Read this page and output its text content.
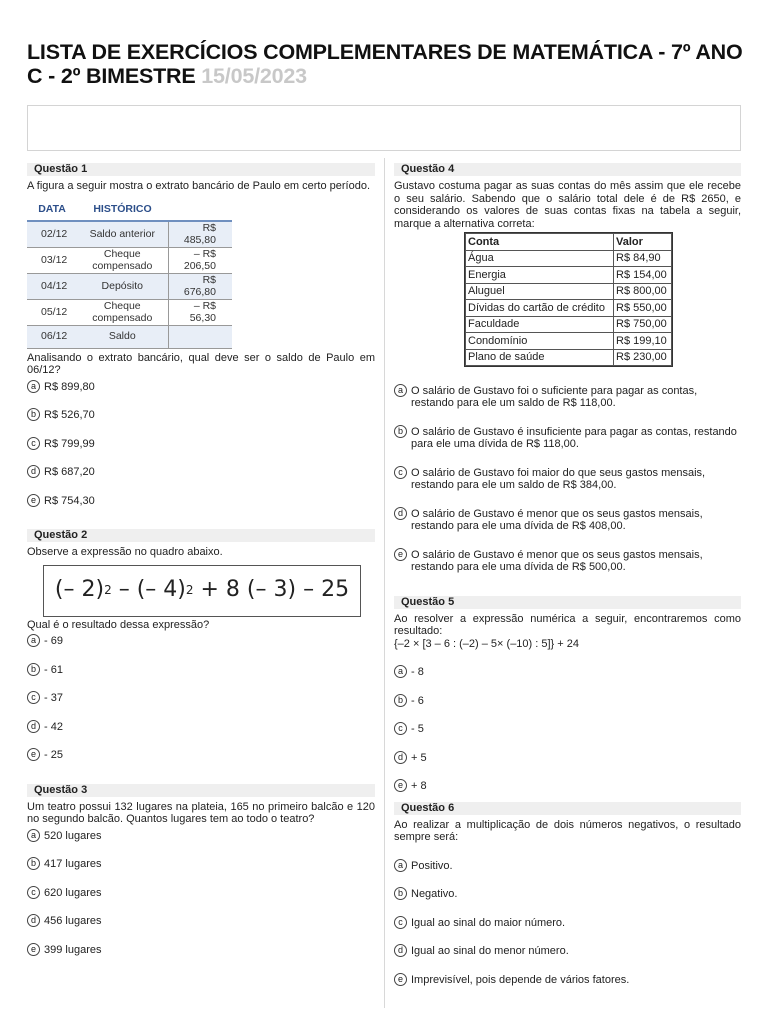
LISTA DE EXERCÍCIOS COMPLEMENTARES DE MATEMÁTICA - 7º ANO C - 2º BIMESTRE 15/05/2023
Questão 1
A figura a seguir mostra o extrato bancário de Paulo em certo período.
DATA	HISTÓRICO	
02/12	Saldo anterior	R$ 485,80
03/12	Cheque compensado	– R$ 206,50
04/12	Depósito	R$ 676,80
05/12	Cheque compensado	– R$ 56,30
06/12	Saldo	
Analisando o extrato bancário, qual deve ser o saldo de Paulo em 06/12?
a R$ 899,80
b R$ 526,70
c R$ 799,99
d R$ 687,20
e R$ 754,30
Questão 2
Observe a expressão no quadro abaixo.
(– 2) 2 – (– 4) 2 + 8 (– 3) – 25
Qual é o resultado dessa expressão?
a - 69
b - 61
c - 37
d - 42
e - 25
Questão 3
Um teatro possui 132 lugares na plateia, 165 no primeiro balcão e 120 no segundo balcão. Quantos lugares tem ao todo o teatro?
a 520 lugares
b 417 lugares
c 620 lugares
d 456 lugares
e 399 lugares
Questão 4
Gustavo costuma pagar as suas contas do mês assim que ele recebe o seu salário. Sabendo que o salário total dele é de R$ 2650, e considerando os valores de suas contas fixas na tabela a seguir, marque a alternativa correta:
Conta	Valor
Água	R$ 84,90
Energia	R$ 154,00
Aluguel	R$ 800,00
Dívidas do cartão de crédito	R$ 550,00
Faculdade	R$ 750,00
Condomínio	R$ 199,10
Plano de saúde	R$ 230,00
a O salário de Gustavo foi o suficiente para pagar as contas, restando para ele um saldo de R$ 118,00.
b O salário de Gustavo é insuficiente para pagar as contas, restando para ele uma dívida de R$ 118,00.
c O salário de Gustavo foi maior do que seus gastos mensais, restando para ele um saldo de R$ 384,00.
d O salário de Gustavo é menor que os seus gastos mensais, restando para ele uma dívida de R$ 408,00.
e O salário de Gustavo é menor que os seus gastos mensais, restando para ele uma dívida de R$ 500,00.
Questão 5
Ao resolver a expressão numérica a seguir, encontraremos como resultado:
{–2 × [3 – 6 : (–2) – 5× (–10) : 5]} + 24
a - 8
b - 6
c - 5
d + 5
e + 8
Questão 6
Ao realizar a multiplicação de dois números negativos, o resultado sempre será:
a Positivo.
b Negativo.
c Igual ao sinal do maior número.
d Igual ao sinal do menor número.
e Imprevisível, pois depende de vários fatores.
